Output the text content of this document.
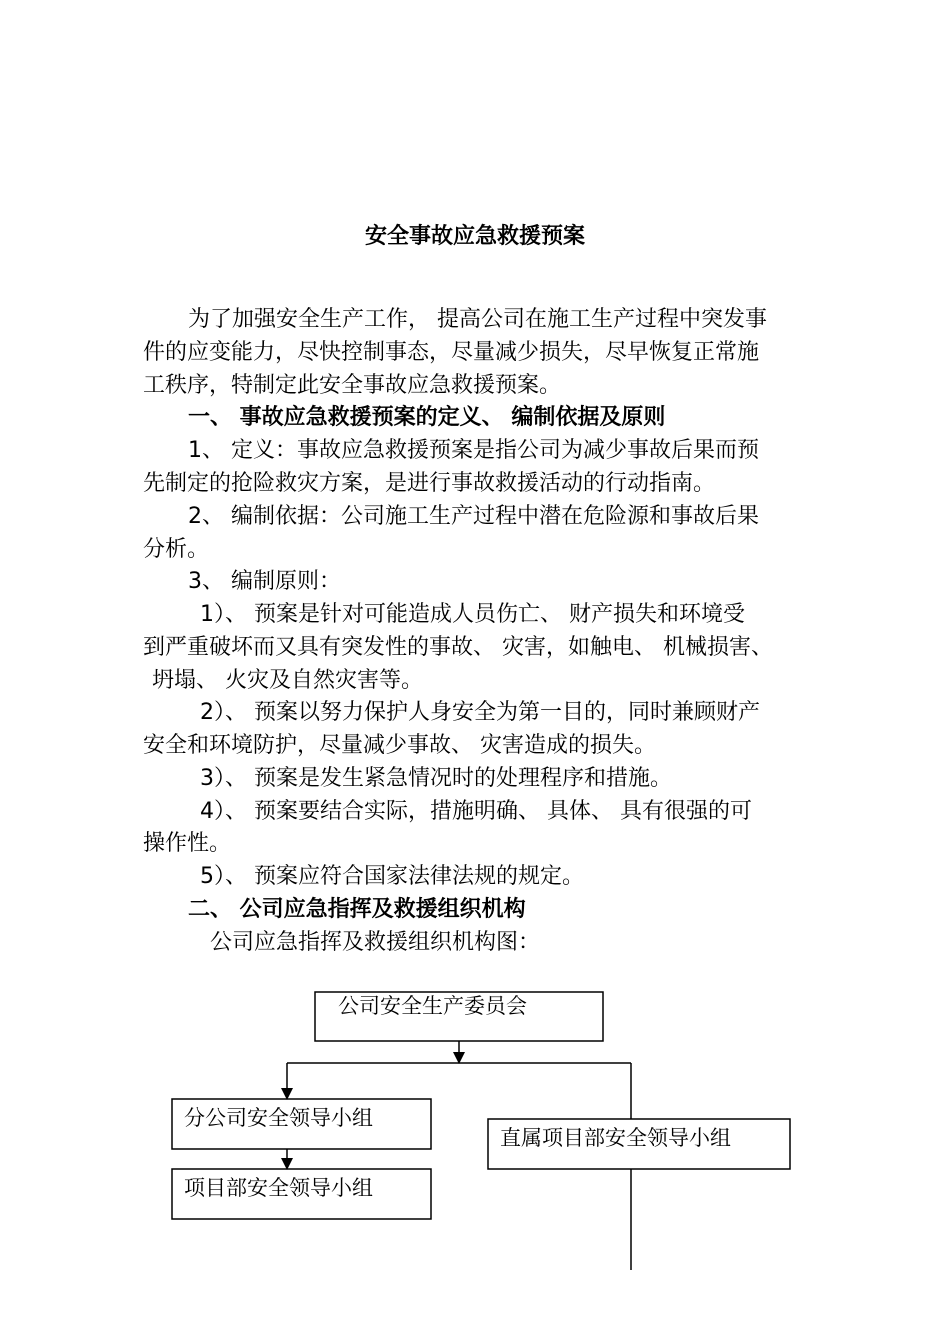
安全事故应急救援预案

为了加强安全生产工作， 提高公司在施工生产过程中突发事

件的应变能力，尽快控制事态，尽量减少损失，尽早恢复正常施

工秩序，特制定此安全事故应急救援预案。

一、 事故应急救援预案的定义、 编制依据及原则

1、 定义：事故应急救援预案是指公司为减少事故后果而预

先制定的抢险救灾方案，是进行事故救援活动的行动指南。

2、 编制依据：公司施工生产过程中潜在危险源和事故后果

分析。

3、 编制原则：

1）、 预案是针对可能造成人员伤亡、 财产损失和环境受

到严重破坏而又具有突发性的事故、 灾害，如触电、 机械损害、

坍塌、 火灾及自然灾害等。

2）、 预案以努力保护人身安全为第一目的，同时兼顾财产

安全和环境防护，尽量减少事故、 灾害造成的损失。

3）、 预案是发生紧急情况时的处理程序和措施。

4）、 预案要结合实际，措施明确、 具体、 具有很强的可

操作性。

5）、 预案应符合国家法律法规的规定。

二、 公司应急指挥及救援组织机构

公司应急指挥及救援组织机构图：

公司安全生产委员会
分公司安全领导小组
项目部安全领导小组
直属项目部安全领导小组
